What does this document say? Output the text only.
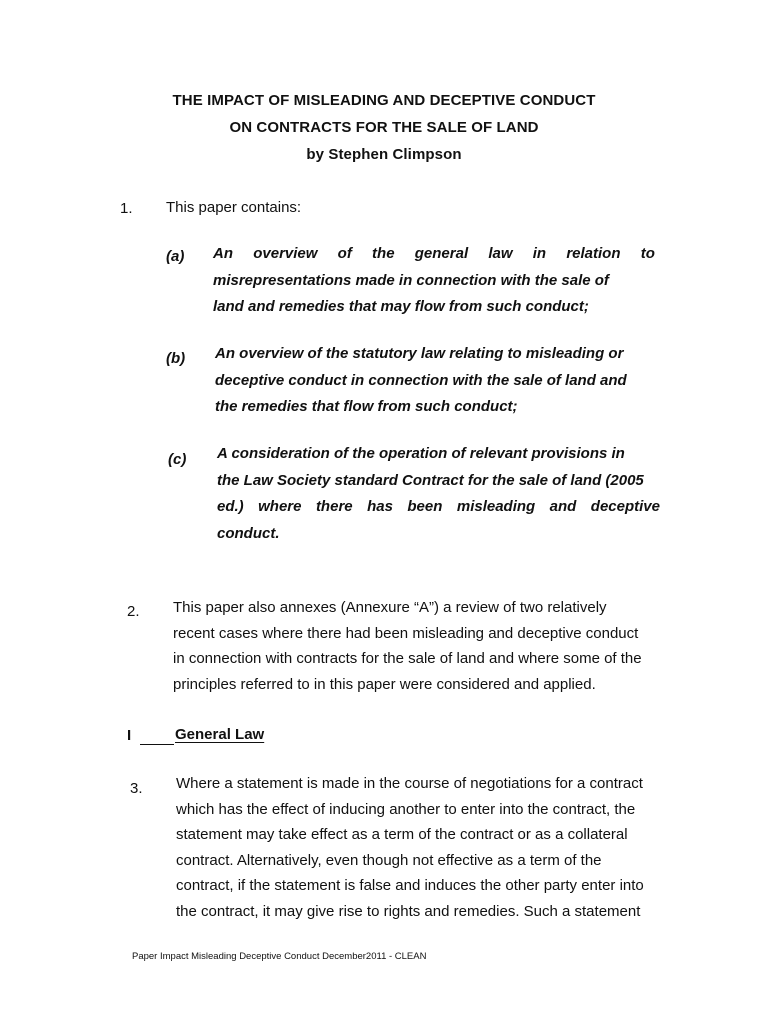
THE IMPACT OF MISLEADING AND DECEPTIVE CONDUCT
ON CONTRACTS FOR THE SALE OF LAND
by Stephen Climpson
1. This paper contains:
(a) An overview of the general law in relation to
misrepresentations made in connection with the sale of
land and remedies that may flow from such conduct;
(b) An overview of the statutory law relating to misleading or
deceptive conduct in connection with the sale of land and
the remedies that flow from such conduct;
(c) A consideration of the operation of relevant provisions in
the Law Society standard Contract for the sale of land (2005
ed.) where there has been misleading and deceptive
conduct.
2. This paper also annexes (Annexure “A”) a review of two relatively
recent cases where there had been misleading and deceptive conduct
in connection with contracts for the sale of land and where some of the
principles referred to in this paper were considered and applied.
I	General Law
3. Where a statement is made in the course of negotiations for a contract
which has the effect of inducing another to enter into the contract, the
statement may take effect as a term of the contract or as a collateral
contract. Alternatively, even though not effective as a term of the
contract, if the statement is false and induces the other party enter into
the contract, it may give rise to rights and remedies. Such a statement
Paper Impact Misleading Deceptive Conduct December2011 - CLEAN
